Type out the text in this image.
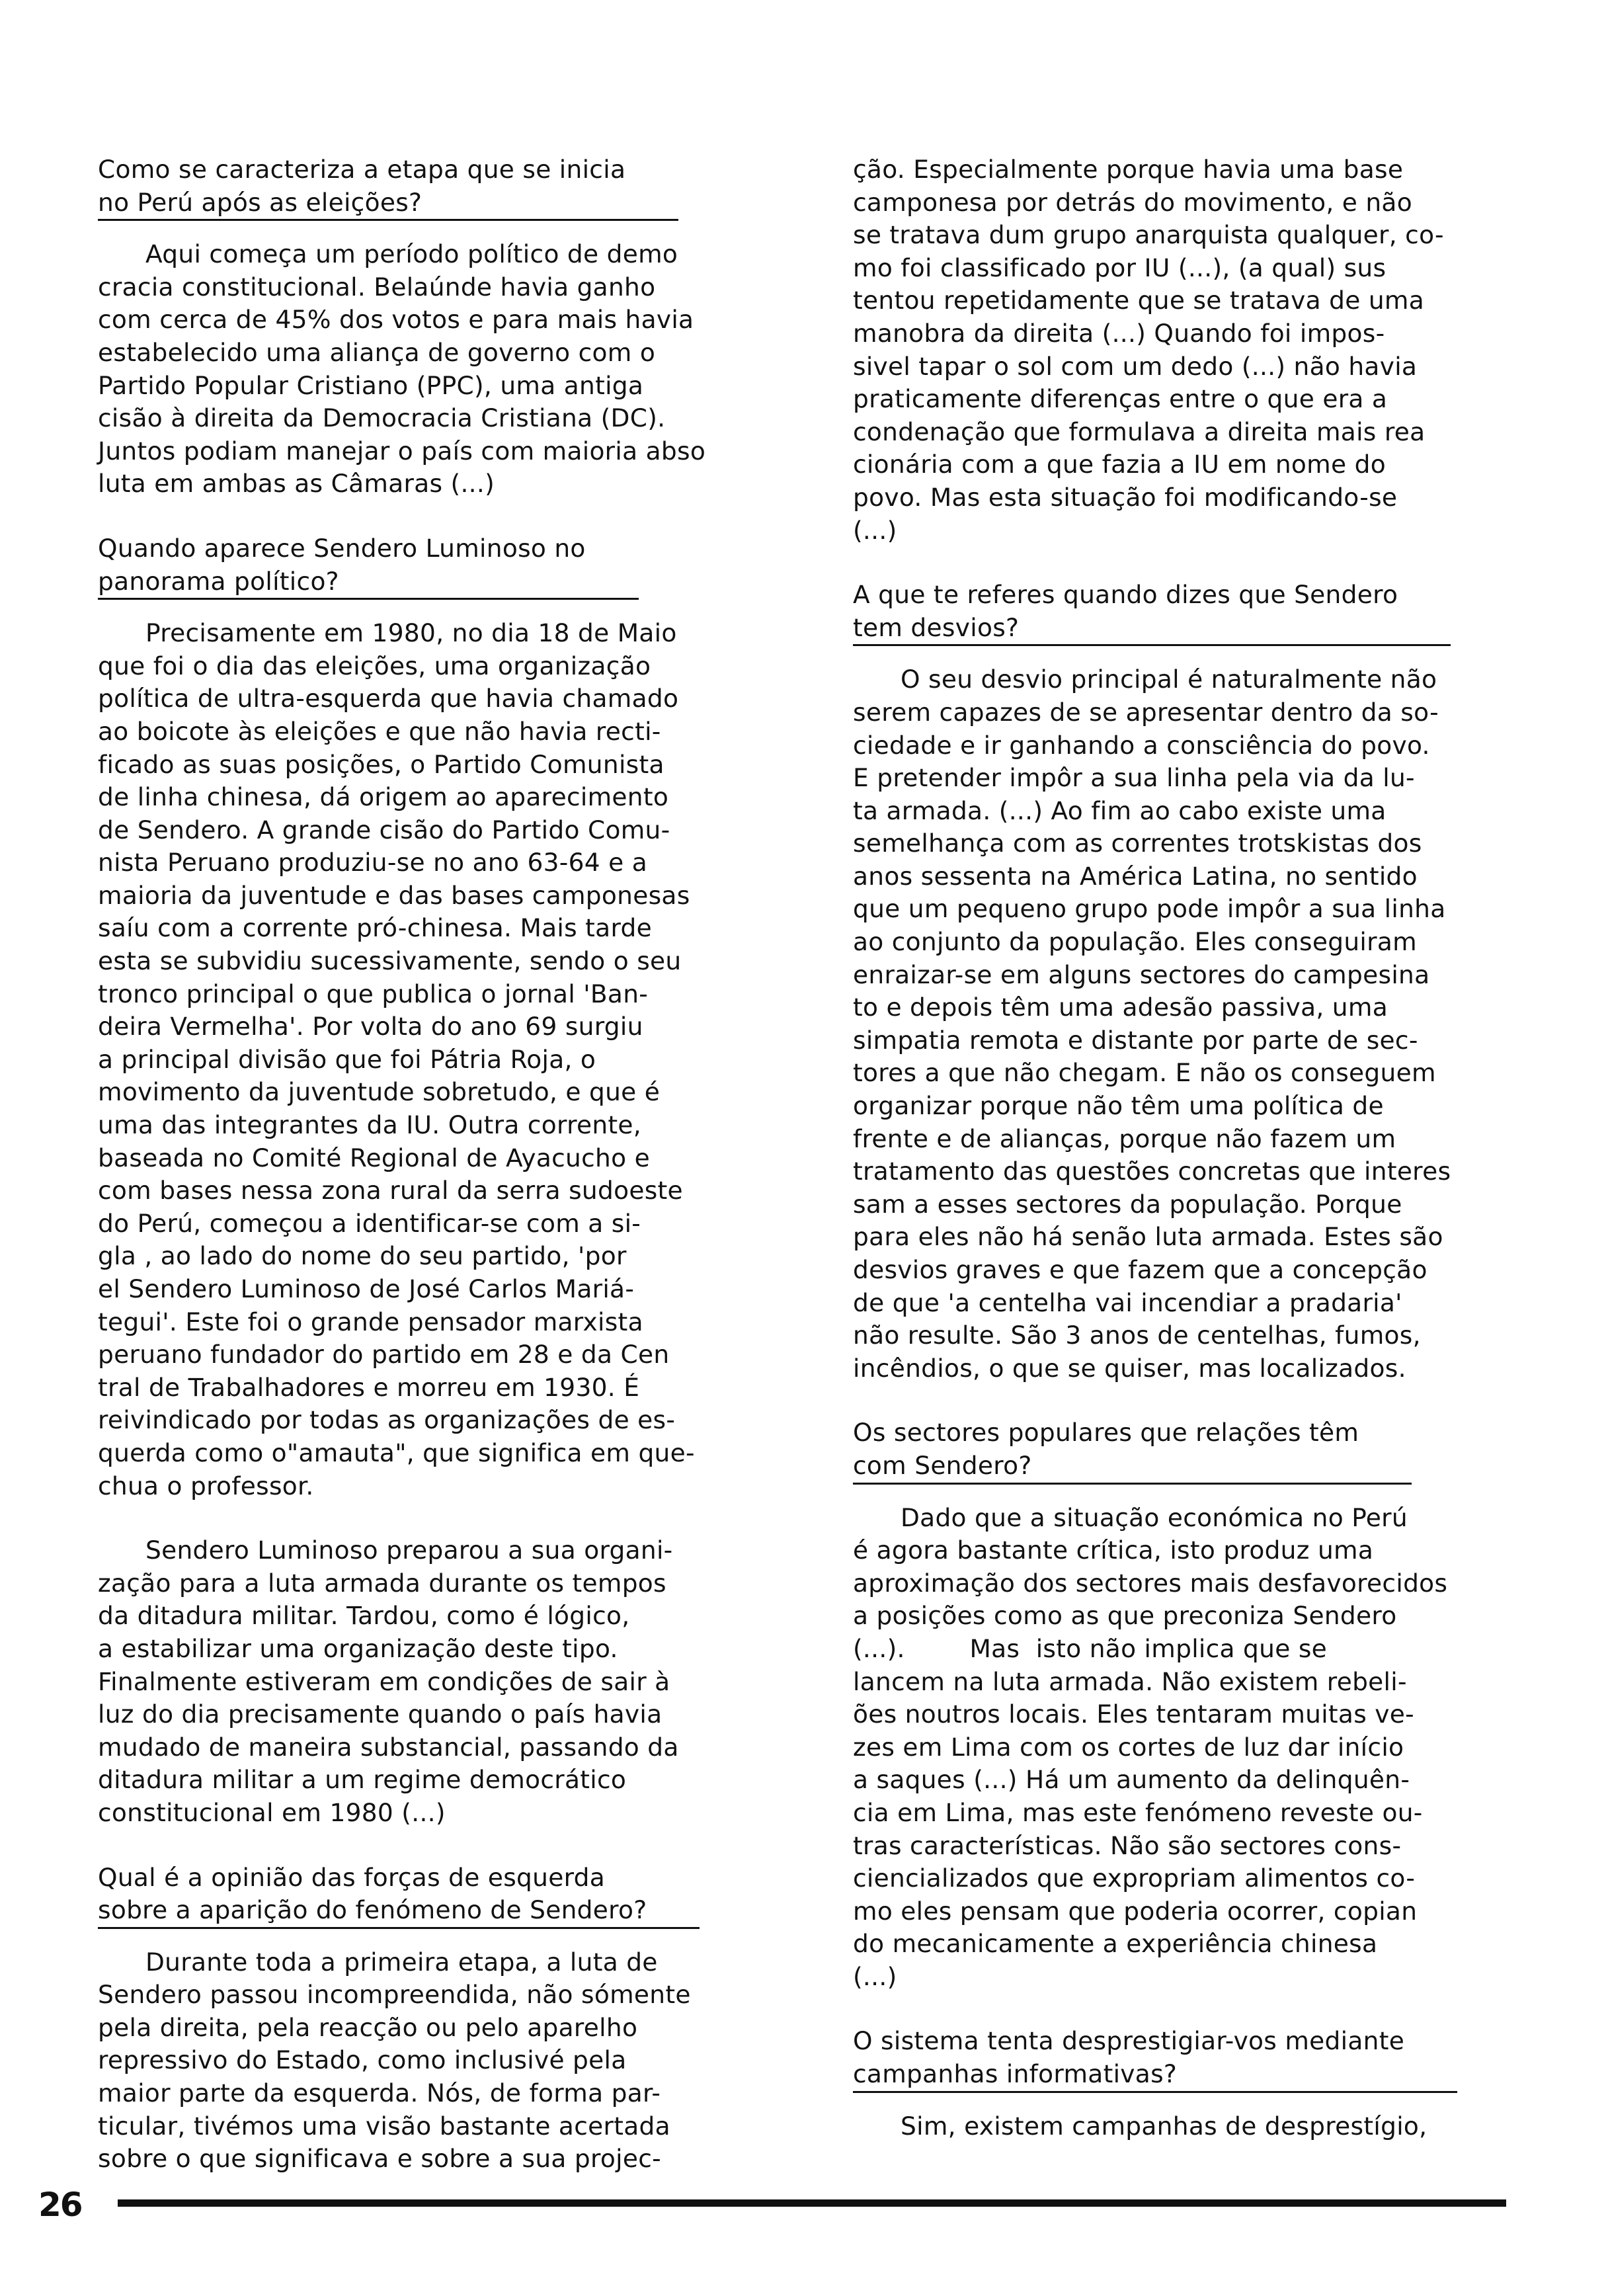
Como se caracteriza a etapa que se inicia
no Perú após as eleições?

Aqui começa um período político de demo
cracia constitucional. Belaúnde havia ganho
com cerca de 45% dos votos e para mais havia
estabelecido uma aliança de governo com o
Partido Popular Cristiano (PPC), uma antiga
cisão à direita da Democracia Cristiana (DC).
Juntos podiam manejar o país com maioria abso
luta em ambas as Câmaras (...)

Quando aparece Sendero Luminoso no
panorama político?

Precisamente em 1980, no dia 18 de Maio
que foi o dia das eleições, uma organização
política de ultra-esquerda que havia chamado
ao boicote às eleições e que não havia recti-
ficado as suas posições, o Partido Comunista
de linha chinesa, dá origem ao aparecimento
de Sendero. A grande cisão do Partido Comu-
nista Peruano produziu-se no ano 63-64 e a
maioria da juventude e das bases camponesas
saíu com a corrente pró-chinesa. Mais tarde
esta se subvidiu sucessivamente, sendo o seu
tronco principal o que publica o jornal 'Ban-
deira Vermelha'. Por volta do ano 69 surgiu
a principal divisão que foi Pátria Roja, o
movimento da juventude sobretudo, e que é
uma das integrantes da IU. Outra corrente,
baseada no Comité Regional de Ayacucho e
com bases nessa zona rural da serra sudoeste
do Perú, começou a identificar-se com a si-
gla , ao lado do nome do seu partido, 'por
el Sendero Luminoso de José Carlos Mariá-
tegui'. Este foi o grande pensador marxista
peruano fundador do partido em 28 e da Cen
tral de Trabalhadores e morreu em 1930. É
reivindicado por todas as organizações de es-
querda como o"amauta", que significa em que-
chua o professor.

Sendero Luminoso preparou a sua organi-
zação para a luta armada durante os tempos
da ditadura militar. Tardou, como é lógico,
a estabilizar uma organização deste tipo.
Finalmente estiveram em condições de sair à
luz do dia precisamente quando o país havia
mudado de maneira substancial, passando da
ditadura militar a um regime democrático
constitucional em 1980 (...)

Qual é a opinião das forças de esquerda
sobre a aparição do fenómeno de Sendero?

Durante toda a primeira etapa, a luta de
Sendero passou incompreendida, não sómente
pela direita, pela reacção ou pelo aparelho
repressivo do Estado, como inclusivé pela
maior parte da esquerda. Nós, de forma par-
ticular, tivémos uma visão bastante acertada
sobre o que significava e sobre a sua projec-

ção. Especialmente porque havia uma base
camponesa por detrás do movimento, e não
se tratava dum grupo anarquista qualquer, co-
mo foi classificado por IU (...), (a qual) sus
tentou repetidamente que se tratava de uma
manobra da direita (...) Quando foi impos-
sivel tapar o sol com um dedo (...) não havia
praticamente diferenças entre o que era a
condenação que formulava a direita mais rea
cionária com a que fazia a IU em nome do
povo. Mas esta situação foi modificando-se
(...)

A que te referes quando dizes que Sendero
tem desvios?

O seu desvio principal é naturalmente não
serem capazes de se apresentar dentro da so-
ciedade e ir ganhando a consciência do povo.
E pretender impôr a sua linha pela via da lu-
ta armada. (...) Ao fim ao cabo existe uma
semelhança com as correntes trotskistas dos
anos sessenta na América Latina, no sentido
que um pequeno grupo pode impôr a sua linha
ao conjunto da população. Eles conseguiram
enraizar-se em alguns sectores do campesina
to e depois têm uma adesão passiva, uma
simpatia remota e distante por parte de sec-
tores a que não chegam. E não os conseguem
organizar porque não têm uma política de
frente e de alianças, porque não fazem um
tratamento das questões concretas que interes
sam a esses sectores da população. Porque
para eles não há senão luta armada. Estes são
desvios graves e que fazem que a concepção
de que 'a centelha vai incendiar a pradaria'
não resulte. São 3 anos de centelhas, fumos,
incêndios, o que se quiser, mas localizados.

Os sectores populares que relações têm
com Sendero?

Dado que a situação económica no Perú
é agora bastante crítica, isto produz uma
aproximação dos sectores mais desfavorecidos
a posições como as que preconiza Sendero
(...).        Mas  isto não implica que se
lancem na luta armada. Não existem rebeli-
ões noutros locais. Eles tentaram muitas ve-
zes em Lima com os cortes de luz dar início
a saques (...) Há um aumento da delinquên-
cia em Lima, mas este fenómeno reveste ou-
tras características. Não são sectores cons-
ciencializados que expropriam alimentos co-
mo eles pensam que poderia ocorrer, copian
do mecanicamente a experiência chinesa
(...)

O sistema tenta desprestigiar-vos mediante
campanhas informativas?

Sim, existem campanhas de desprestígio,

26
